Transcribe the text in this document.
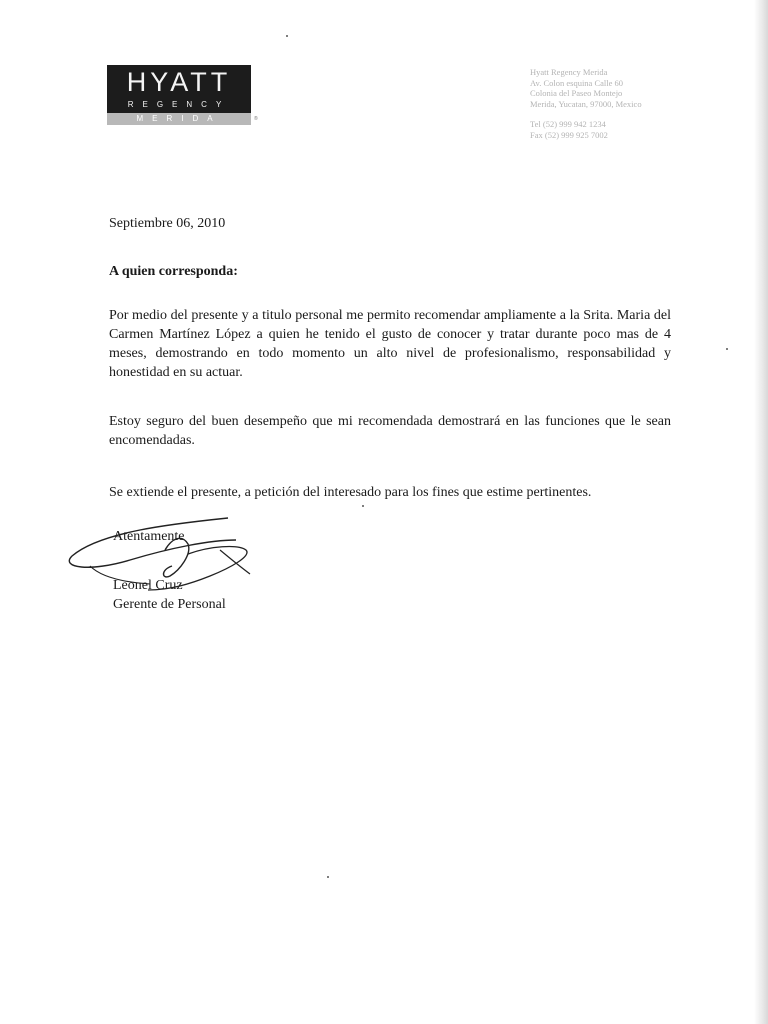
HYATT
REGENCY
MERIDA	®
Hyatt Regency Merida
Av. Colon esquina Calle 60
Colonia del Paseo Montejo
Merida, Yucatan, 97000, Mexico
Tel (52) 999 942 1234
Fax (52) 999 925 7002
Septiembre 06, 2010
A quien corresponda:
Por medio del presente y a titulo personal me permito recomendar ampliamente a la Srita. Maria del Carmen Martínez López a quien he tenido el gusto de conocer y tratar durante poco mas de 4 meses, demostrando en todo momento un alto nivel de profesionalismo, responsabilidad y honestidad en su actuar.
Estoy seguro del buen desempeño que mi recomendada demostrará en las funciones que le sean encomendadas.
Se extiende el presente, a petición del interesado para los fines que estime pertinentes.
Atentamente
Leonel Cruz
Gerente de Personal
